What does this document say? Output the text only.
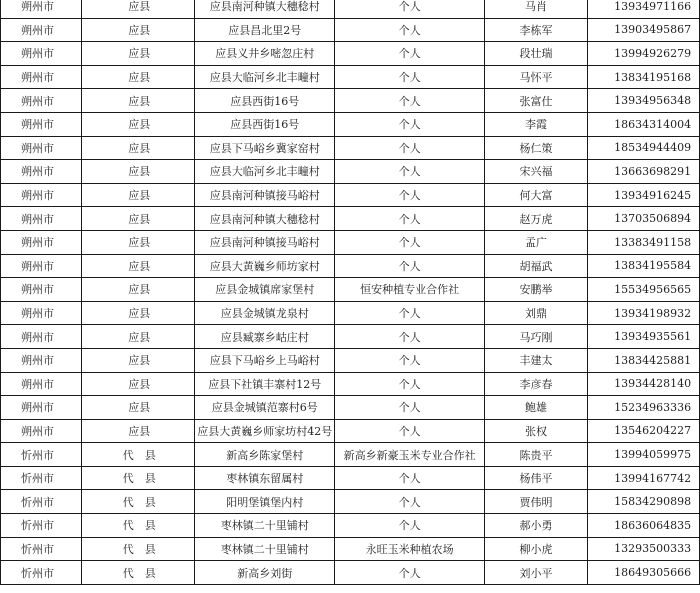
朔州市	应县	应县南河种镇大穗稔村	个人	马肖	13934971166
朔州市	应县	应县昌北里2号	个人	李栋军	13903495867
朔州市	应县	应县义井乡嘧忽庄村	个人	段壮瑞	13994926279
朔州市	应县	应县大临河乡北丰疃村	个人	马怀平	13834195168
朔州市	应县	应县西街16号	个人	张富仕	13934956348
朔州市	应县	应县西街16号	个人	李霞	18634314004
朔州市	应县	应县下马峪乡冀家窑村	个人	杨仁策	18534944409
朔州市	应县	应县大临河乡北丰疃村	个人	宋兴福	13663698291
朔州市	应县	应县南河种镇接马峪村	个人	何大富	13934916245
朔州市	应县	应县南河种镇大穗稔村	个人	赵万虎	13703506894
朔州市	应县	应县南河种镇接马峪村	个人	孟广	13383491158
朔州市	应县	应县大黄巍乡师坊家村	个人	胡福武	13834195584
朔州市	应县	应县金城镇席家堡村	恒安种植专业合作社	安鹏举	15534956565
朔州市	应县	应县金城镇龙泉村	个人	刘鼎	13934198932
朔州市	应县	应县臧寨乡岵庄村	个人	马巧刚	13934935561
朔州市	应县	应县下马峪乡上马峪村	个人	丰建太	13834425881
朔州市	应县	应县下社镇丰寨村12号	个人	李彦春	13934428140
朔州市	应县	应县金城镇范寨村6号	个人	鲍雄	15234963336
朔州市	应县	应县大黄巍乡师家坊村42号	个人	张权	13546204227
忻州市	代　县	新高乡陈家堡村	新高乡新豪玉米专业合作社	陈贵平	13994059975
忻州市	代　县	枣林镇东留属村	个人	杨伟平	13994167742
忻州市	代　县	阳明堡镇堡内村	个人	贾伟明	15834290898
忻州市	代　县	枣林镇二十里铺村	个人	郝小勇	18636064835
忻州市	代　县	枣林镇二十里铺村	永旺玉米种植农场	柳小虎	13293500333
忻州市	代　县	新高乡刘街	个人	刘小平	18649305666
